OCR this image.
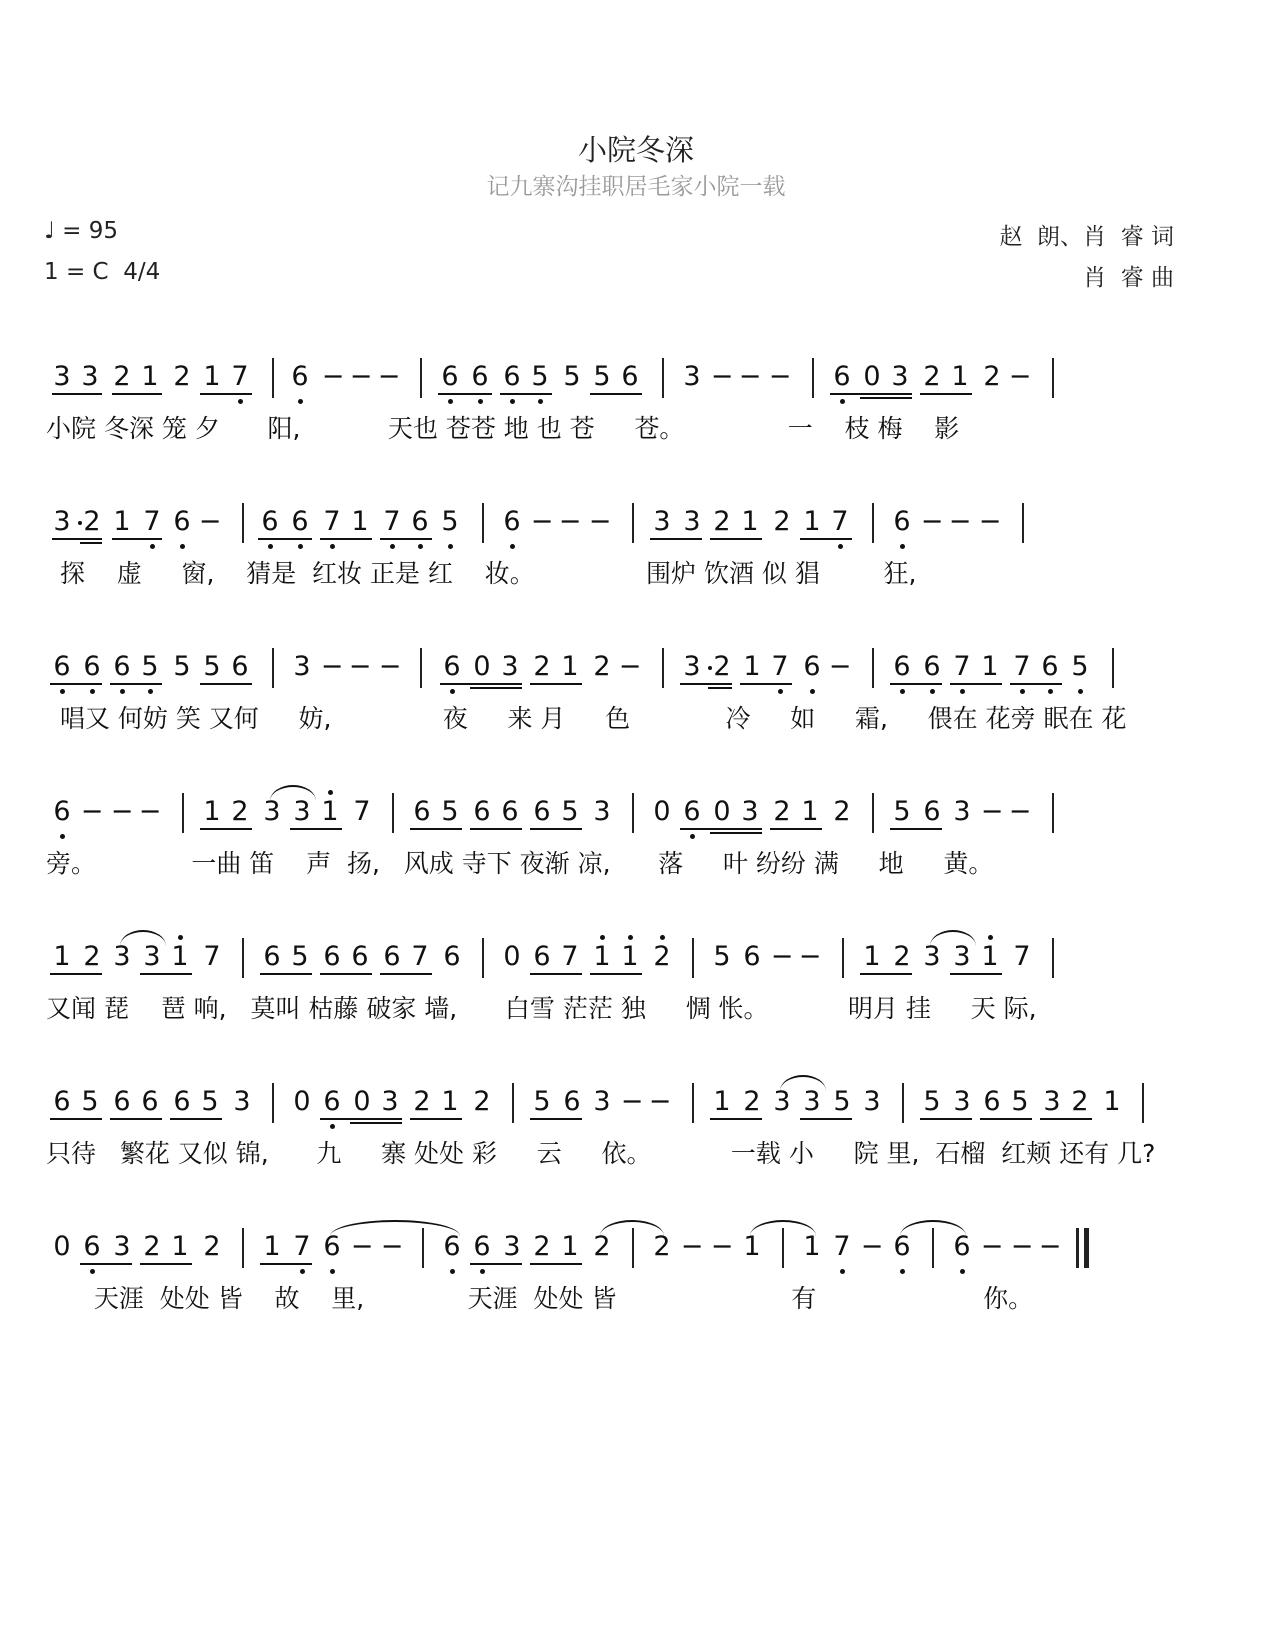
小院冬深
记九寨沟挂职居毛家小院一载
♩ = 95
1 = C  4/4
赵  朗、肖  睿 词
肖  睿 曲
3 3 2 1 2 1 7 6 − − − 6 6 6 5 5 5 6 3 − − − 6 0 3 2 1 2 −
小院 冬深 笼 夕      阳,           天也 苍苍 地 也 苍     苍。             一    枝 梅    影
3 2 1 7 6 − 6 6 7 1 7 6 5 6 − − − 3 3 2 1 2 1 7 6 − − −
探    虚     窗,    猜是  红妆 正是 红    妆。              围炉 饮酒 似 猖        狂,
6 6 6 5 5 5 6 3 − − − 6 0 3 2 1 2 − 3 2 1 7 6 − 6 6 7 1 7 6 5
唱又 何妨 笑 又何     妨,              夜     来 月     色            冷     如     霜,     偎在 花旁 眠在 花
6 − − − 1 2 3 3 1 7 6 5 6 6 6 5 3 0 6 0 3 2 1 2 5 6 3 − −
旁。            一曲 笛    声  扬,   风成 寺下 夜渐 凉,      落     叶 纷纷 满     地     黄。
1 2 3 3 1 7 6 5 6 6 6 7 6 0 6 7 1 1 2 5 6 − − 1 2 3 3 1 7
又闻 琵    琶 响,   莫叫 枯藤 破家 墙,      白雪 茫茫 独     惆 怅。          明月 挂     天 际,
6 5 6 6 6 5 3 0 6 0 3 2 1 2 5 6 3 − − 1 2 3 3 5 3 5 3 6 5 3 2 1
只待   繁花 又似 锦,      九     寨 处处 彩     云     依。          一载 小     院 里,  石榴  红颊 还有 几?
0 6 3 2 1 2 1 7 6 − − 6 6 3 2 1 2 2 − − 1 1 7 − 6 6 − − −
天涯  处处 皆    故    里,             天涯  处处 皆                      有                     你。
